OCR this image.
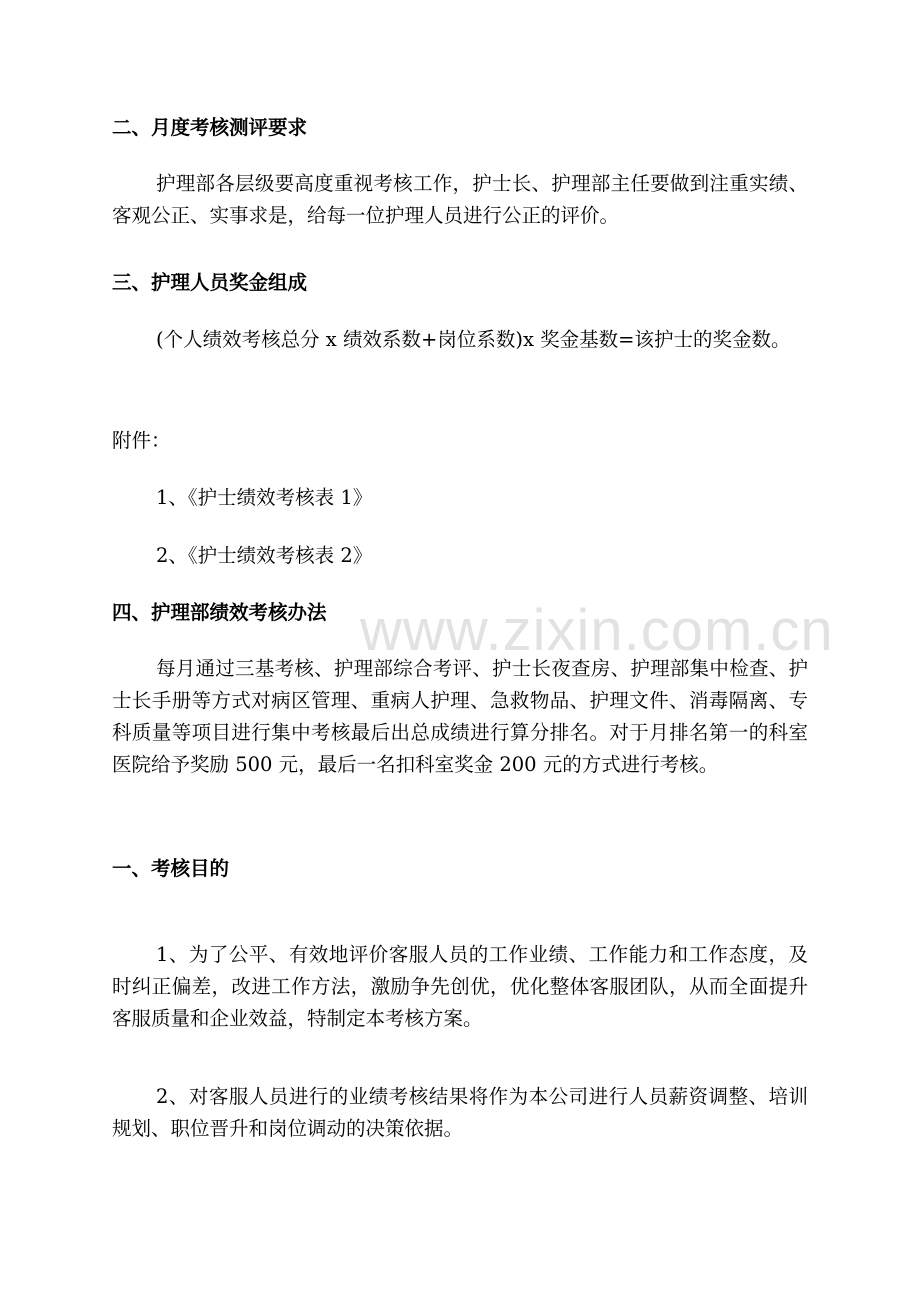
二、月度考核测评要求

护理部各层级要高度重视考核工作，护士长、护理部主任要做到注重实绩、客观公正、实事求是，给每一位护理人员进行公正的评价。

三、护理人员奖金组成

(个人绩效考核总分 x 绩效系数+岗位系数)x 奖金基数=该护士的奖金数。

附件：
1、《护士绩效考核表 1》
2、《护士绩效考核表 2》
四、护理部绩效考核办法

每月通过三基考核、护理部综合考评、护士长夜查房、护理部集中检查、护士长手册等方式对病区管理、重病人护理、急救物品、护理文件、消毒隔离、专科质量等项目进行集中考核最后出总成绩进行算分排名。对于月排名第一的科室医院给予奖励 500 元，最后一名扣科室奖金 200 元的方式进行考核。

一、考核目的

1、为了公平、有效地评价客服人员的工作业绩、工作能力和工作态度，及时纠正偏差，改进工作方法，激励争先创优，优化整体客服团队，从而全面提升客服质量和企业效益，特制定本考核方案。

2、对客服人员进行的业绩考核结果将作为本公司进行人员薪资调整、培训规划、职位晋升和岗位调动的决策依据。

www.zixin.com.cn
